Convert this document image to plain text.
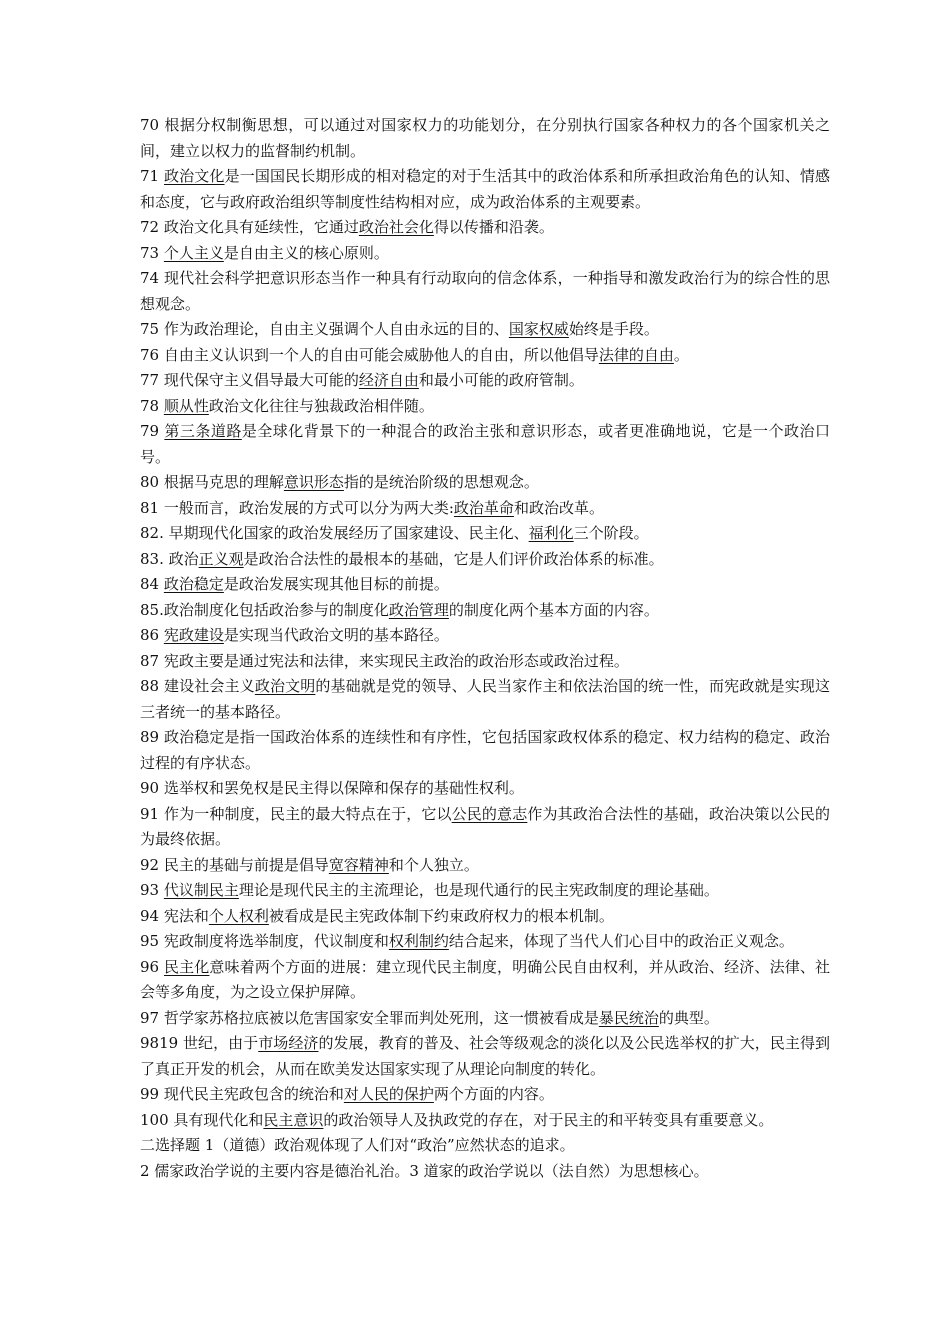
70 根据分权制衡思想，可以通过对国家权力的功能划分，在分别执行国家各种权力的各个国家机关之间，建立以权力的监督制约机制。

71 政治文化是一国国民长期形成的相对稳定的对于生活其中的政治体系和所承担政治角色的认知、情感和态度，它与政府政治组织等制度性结构相对应，成为政治体系的主观要素。

72 政治文化具有延续性，它通过政治社会化得以传播和沿袭。

73 个人主义是自由主义的核心原则。

74 现代社会科学把意识形态当作一种具有行动取向的信念体系，一种指导和激发政治行为的综合性的思想观念。

75 作为政治理论，自由主义强调个人自由永远的目的、国家权威始终是手段。

76 自由主义认识到一个人的自由可能会威胁他人的自由，所以他倡导法律的自由。

77 现代保守主义倡导最大可能的经济自由和最小可能的政府管制。

78 顺从性政治文化往往与独裁政治相伴随。

79 第三条道路是全球化背景下的一种混合的政治主张和意识形态，或者更准确地说，它是一个政治口号。

80 根据马克思的理解意识形态指的是统治阶级的思想观念。

81 一般而言，政治发展的方式可以分为两大类:政治革命和政治改革。

82. 早期现代化国家的政治发展经历了国家建设、民主化、福利化三个阶段。

83. 政治正义观是政治合法性的最根本的基础，它是人们评价政治体系的标准。

84 政治稳定是政治发展实现其他目标的前提。

85.政治制度化包括政治参与的制度化政治管理的制度化两个基本方面的内容。

86 宪政建设是实现当代政治文明的基本路径。

87 宪政主要是通过宪法和法律，来实现民主政治的政治形态或政治过程。

88 建设社会主义政治文明的基础就是党的领导、人民当家作主和依法治国的统一性，而宪政就是实现这三者统一的基本路径。

89 政治稳定是指一国政治体系的连续性和有序性，它包括国家政权体系的稳定、权力结构的稳定、政治过程的有序状态。

90 选举权和罢免权是民主得以保障和保存的基础性权利。

91 作为一种制度，民主的最大特点在于，它以公民的意志作为其政治合法性的基础，政治决策以公民的为最终依据。

92 民主的基础与前提是倡导宽容精神和个人独立。

93 代议制民主理论是现代民主的主流理论，也是现代通行的民主宪政制度的理论基础。

94 宪法和个人权利被看成是民主宪政体制下约束政府权力的根本机制。

95 宪政制度将选举制度，代议制度和权利制约结合起来，体现了当代人们心目中的政治正义观念。

96 民主化意味着两个方面的进展：建立现代民主制度，明确公民自由权利，并从政治、经济、法律、社会等多角度，为之设立保护屏障。

97 哲学家苏格拉底被以危害国家安全罪而判处死刑，这一惯被看成是暴民统治的典型。

9819 世纪，由于市场经济的发展，教育的普及、社会等级观念的淡化以及公民选举权的扩大，民主得到了真正开发的机会，从而在欧美发达国家实现了从理论向制度的转化。

99 现代民主宪政包含的统治和对人民的保护两个方面的内容。

100 具有现代化和民主意识的政治领导人及执政党的存在，对于民主的和平转变具有重要意义。

二选择题 1（道德）政治观体现了人们对“政治”应然状态的追求。

2 儒家政治学说的主要内容是德治礼治。3 道家的政治学说以（法自然）为思想核心。
